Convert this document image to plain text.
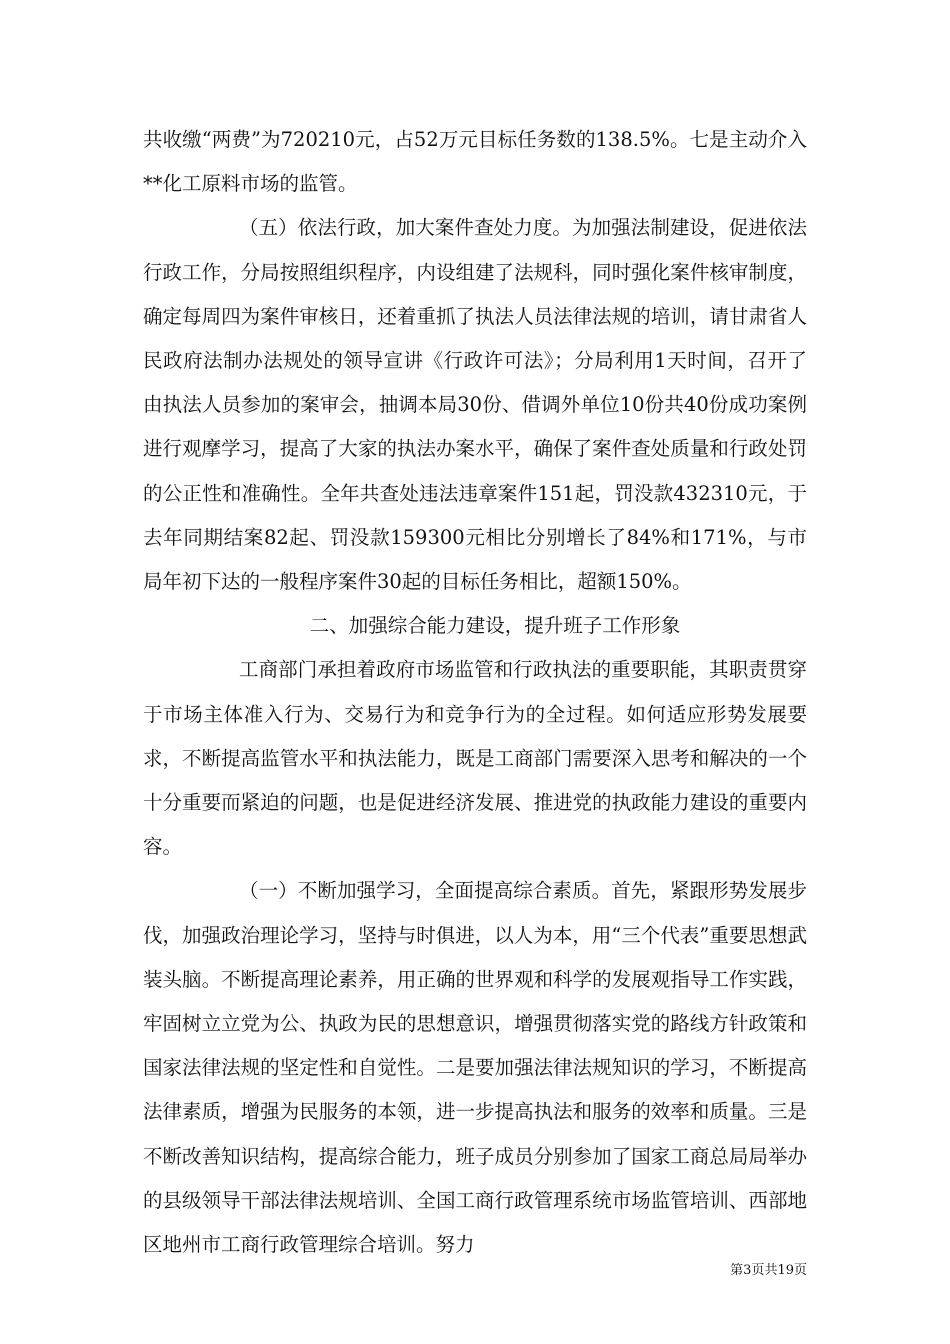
共收缴“两费”为720210元，占52万元目标任务数的138.5%。七是主动介入**化工原料市场的监管。

（五）依法行政，加大案件查处力度。为加强法制建设，促进依法行政工作，分局按照组织程序，内设组建了法规科，同时强化案件核审制度，确定每周四为案件审核日，还着重抓了执法人员法律法规的培训，请甘肃省人民政府法制办法规处的领导宣讲《行政许可法》；分局利用1天时间，召开了由执法人员参加的案审会，抽调本局30份、借调外单位10份共40份成功案例进行观摩学习，提高了大家的执法办案水平，确保了案件查处质量和行政处罚的公正性和准确性。全年共查处违法违章案件151起，罚没款432310元，于去年同期结案82起、罚没款159300元相比分别增长了84%和171%，与市局年初下达的一般程序案件30起的目标任务相比，超额150%。

二、加强综合能力建设，提升班子工作形象

工商部门承担着政府市场监管和行政执法的重要职能，其职责贯穿于市场主体准入行为、交易行为和竞争行为的全过程。如何适应形势发展要求，不断提高监管水平和执法能力，既是工商部门需要深入思考和解决的一个十分重要而紧迫的问题，也是促进经济发展、推进党的执政能力建设的重要内容。

（一）不断加强学习，全面提高综合素质。首先，紧跟形势发展步伐，加强政治理论学习，坚持与时俱进，以人为本，用“三个代表”重要思想武装头脑。不断提高理论素养，用正确的世界观和科学的发展观指导工作实践，牢固树立立党为公、执政为民的思想意识，增强贯彻落实党的路线方针政策和国家法律法规的坚定性和自觉性。二是要加强法律法规知识的学习，不断提高法律素质，增强为民服务的本领，进一步提高执法和服务的效率和质量。三是不断改善知识结构，提高综合能力，班子成员分别参加了国家工商总局局举办的县级领导干部法律法规培训、全国工商行政管理系统市场监管培训、西部地区地州市工商行政管理综合培训。努力

第3页共19页
